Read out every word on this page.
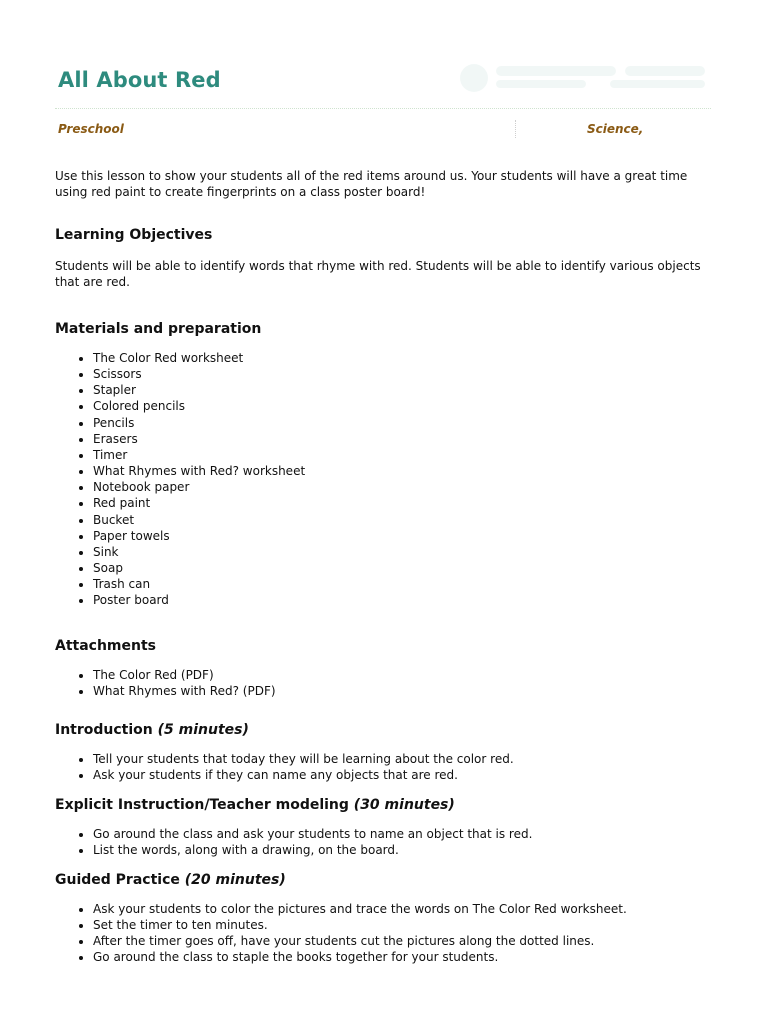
All About Red
Preschool	Science,

Use this lesson to show your students all of the red items around us. Your students will have a great time using red paint to create fingerprints on a class poster board!

Learning Objectives

Students will be able to identify words that rhyme with red. Students will be able to identify various objects that are red.

Materials and preparation
• The Color Red worksheet
• Scissors
• Stapler
• Colored pencils
• Pencils
• Erasers
• Timer
• What Rhymes with Red? worksheet
• Notebook paper
• Red paint
• Bucket
• Paper towels
• Sink
• Soap
• Trash can
• Poster board
Attachments
• The Color Red (PDF)
• What Rhymes with Red? (PDF)
Introduction (5 minutes)
• Tell your students that today they will be learning about the color red.
• Ask your students if they can name any objects that are red.
Explicit Instruction/Teacher modeling (30 minutes)
• Go around the class and ask your students to name an object that is red.
• List the words, along with a drawing, on the board.
Guided Practice (20 minutes)
• Ask your students to color the pictures and trace the words on The Color Red worksheet.
• Set the timer to ten minutes.
• After the timer goes off, have your students cut the pictures along the dotted lines.
• Go around the class to staple the books together for your students.
